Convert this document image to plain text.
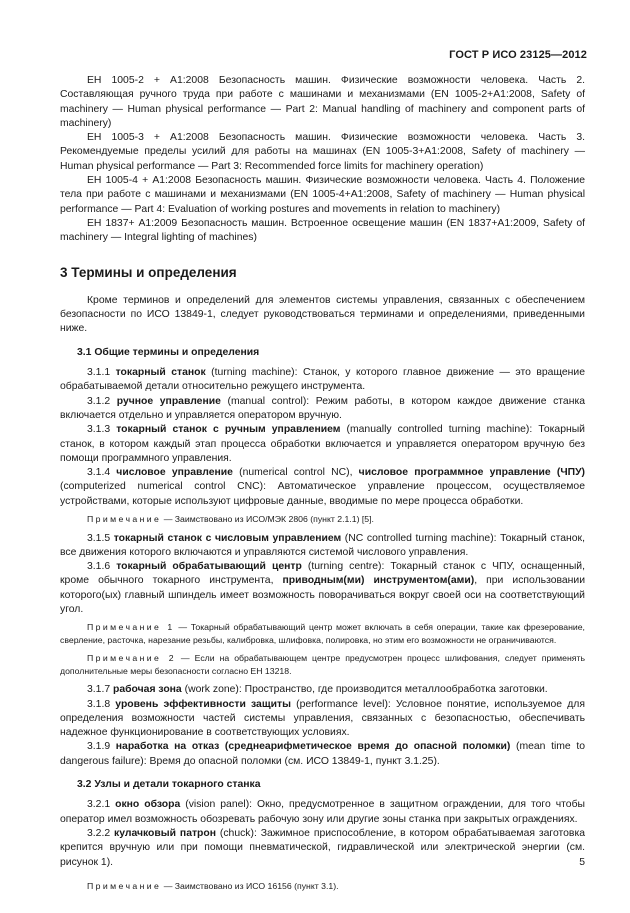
ГОСТ Р ИСО 23125—2012

ЕН 1005-2 + А1:2008 Безопасность машин. Физические возможности человека. Часть 2. Составляющая ручного труда при работе с машинами и механизмами (EN 1005-2+A1:2008, Safety of machinery — Human physical performance — Part 2: Manual handling of machinery and component parts of machinery)

ЕН 1005-3 + А1:2008 Безопасность машин. Физические возможности человека. Часть 3. Рекомендуемые пределы усилий для работы на машинах (EN 1005-3+A1:2008, Safety of machinery — Human physical performance — Part 3: Recommended force limits for machinery operation)

ЕН 1005-4 + А1:2008 Безопасность машин. Физические возможности человека. Часть 4. Положение тела при работе с машинами и механизмами (EN 1005-4+A1:2008, Safety of machinery — Human physical performance — Part 4: Evaluation of working postures and movements in relation to machinery)

ЕН 1837+ А1:2009 Безопасность машин. Встроенное освещение машин (EN 1837+A1:2009, Safety of machinery — Integral lighting of machines)

3 Термины и определения

Кроме терминов и определений для элементов системы управления, связанных с обеспечением безопасности по ИСО 13849-1, следует руководствоваться терминами и определениями, приведенными ниже.

3.1 Общие термины и определения

3.1.1 токарный станок (turning machine): Станок, у которого главное движение — это вращение обрабатываемой детали относительно режущего инструмента.

3.1.2 ручное управление (manual control): Режим работы, в котором каждое движение станка включается отдельно и управляется оператором вручную.

3.1.3 токарный станок с ручным управлением (manually controlled turning machine): Токарный станок, в котором каждый этап процесса обработки включается и управляется оператором вручную без помощи программного управления.

3.1.4 числовое управление (numerical control NC), числовое программное управление (ЧПУ) (computerized numerical control CNC): Автоматическое управление процессом, осуществляемое устройствами, которые используют цифровые данные, вводимые по мере процесса обработки.

Примечание — Заимствовано из ИСО/МЭК 2806 (пункт 2.1.1) [5].

3.1.5 токарный станок с числовым управлением (NC controlled turning machine): Токарный станок, все движения которого включаются и управляются системой числового управления.

3.1.6 токарный обрабатывающий центр (turning centre): Токарный станок с ЧПУ, оснащенный, кроме обычного токарного инструмента, приводным(ми) инструментом(ами), при использовании которого(ых) главный шпиндель имеет возможность поворачиваться вокруг своей оси на соответствующий угол.

Примечание 1 — Токарный обрабатывающий центр может включать в себя операции, такие как фрезерование, сверление, расточка, нарезание резьбы, калибровка, шлифовка, полировка, но этим его возможности не ограничиваются.

Примечание 2 — Если на обрабатывающем центре предусмотрен процесс шлифования, следует применять дополнительные меры безопасности согласно ЕН 13218.

3.1.7 рабочая зона (work zone): Пространство, где производится металлообработка заготовки.

3.1.8 уровень эффективности защиты (performance level): Условное понятие, используемое для определения возможности частей системы управления, связанных с безопасностью, обеспечивать надежное функционирование в соответствующих условиях.

3.1.9 наработка на отказ (среднеарифметическое время до опасной поломки) (mean time to dangerous failure): Время до опасной поломки (см. ИСО 13849-1, пункт 3.1.25).

3.2 Узлы и детали токарного станка

3.2.1 окно обзора (vision panel): Окно, предусмотренное в защитном ограждении, для того чтобы оператор имел возможность обозревать рабочую зону или другие зоны станка при закрытых ограждениях.

3.2.2 кулачковый патрон (chuck): Зажимное приспособление, в котором обрабатываемая заготовка крепится вручную или при помощи пневматической, гидравлической или электрической энергии (см. рисунок 1).

Примечание — Заимствовано из ИСО 16156 (пункт 3.1).

5
